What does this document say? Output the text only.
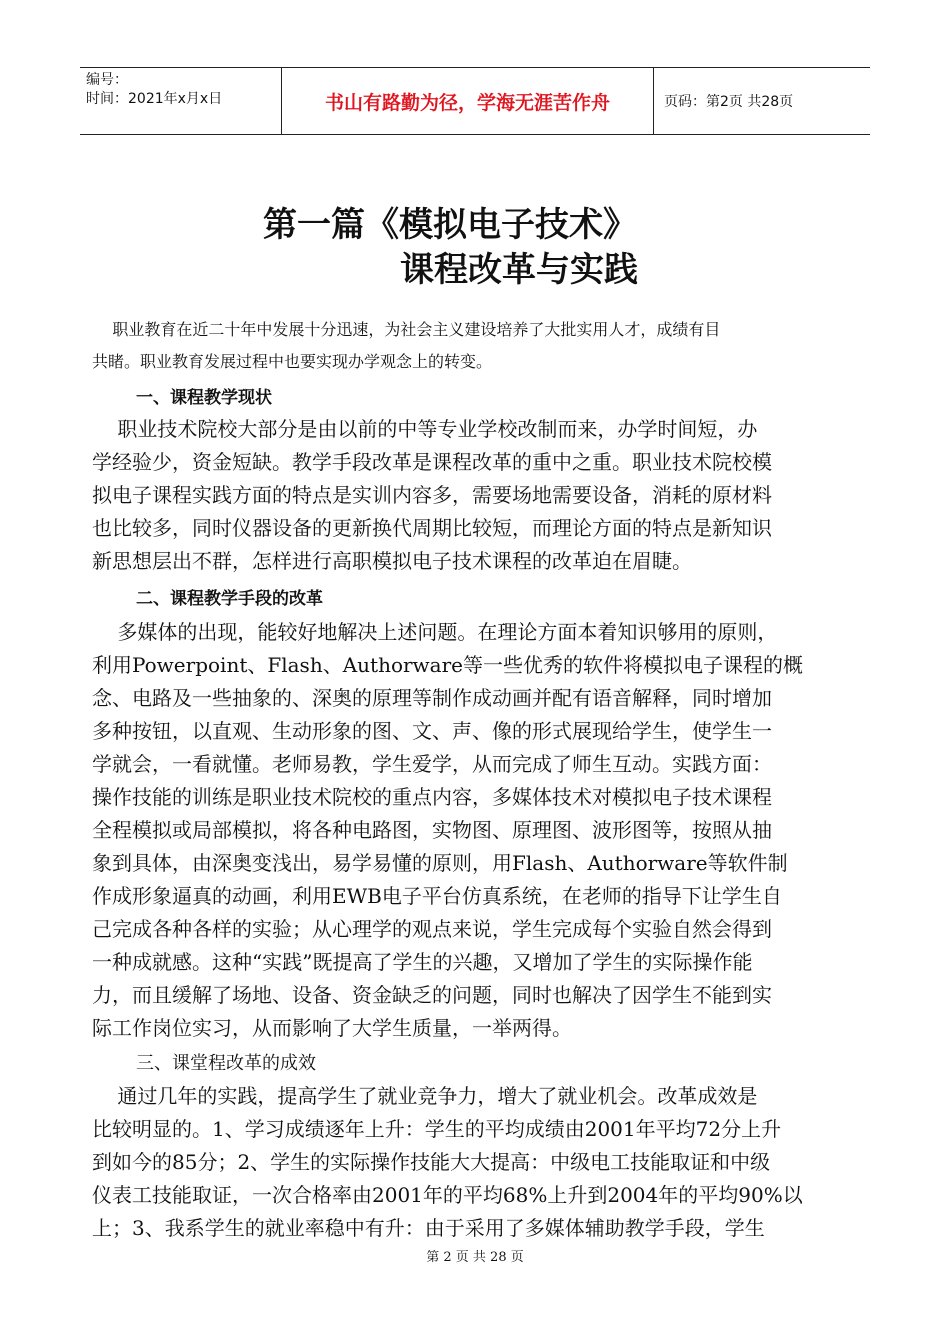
编号：
时间：2021年x月x日	书山有路勤为径，学海无涯苦作舟	页码：第2页 共28页
第一篇《模拟电子技术》
课程改革与实践
职业教育在近二十年中发展十分迅速，为社会主义建设培养了大批实用人才，成绩有目
共睹。职业教育发展过程中也要实现办学观念上的转变。
一、课程教学现状
职业技术院校大部分是由以前的中等专业学校改制而来，办学时间短，办
学经验少，资金短缺。教学手段改革是课程改革的重中之重。职业技术院校模
拟电子课程实践方面的特点是实训内容多，需要场地需要设备，消耗的原材料
也比较多，同时仪器设备的更新换代周期比较短，而理论方面的特点是新知识
新思想层出不群，怎样进行高职模拟电子技术课程的改革迫在眉睫。
二、课程教学手段的改革
多媒体的出现，能较好地解决上述问题。在理论方面本着知识够用的原则，
利用Powerpoint、Flash、Authorware等一些优秀的软件将模拟电子课程的概
念、电路及一些抽象的、深奥的原理等制作成动画并配有语音解释，同时增加
多种按钮，以直观、生动形象的图、文、声、像的形式展现给学生，使学生一
学就会，一看就懂。老师易教，学生爱学，从而完成了师生互动。实践方面：
操作技能的训练是职业技术院校的重点内容，多媒体技术对模拟电子技术课程
全程模拟或局部模拟，将各种电路图，实物图、原理图、波形图等，按照从抽
象到具体，由深奥变浅出，易学易懂的原则，用Flash、Authorware等软件制
作成形象逼真的动画，利用EWB电子平台仿真系统，在老师的指导下让学生自
己完成各种各样的实验；从心理学的观点来说，学生完成每个实验自然会得到
一种成就感。这种“实践”既提高了学生的兴趣，又增加了学生的实际操作能
力，而且缓解了场地、设备、资金缺乏的问题，同时也解决了因学生不能到实
际工作岗位实习，从而影响了大学生质量，一举两得。
三、课堂程改革的成效
通过几年的实践，提高学生了就业竞争力，增大了就业机会。改革成效是
比较明显的。1、学习成绩逐年上升：学生的平均成绩由2001年平均72分上升
到如今的85分；2、学生的实际操作技能大大提高：中级电工技能取证和中级
仪表工技能取证，一次合格率由2001年的平均68%上升到2004年的平均90%以
上；3、我系学生的就业率稳中有升：由于采用了多媒体辅助教学手段，学生
第 2 页 共 28 页
